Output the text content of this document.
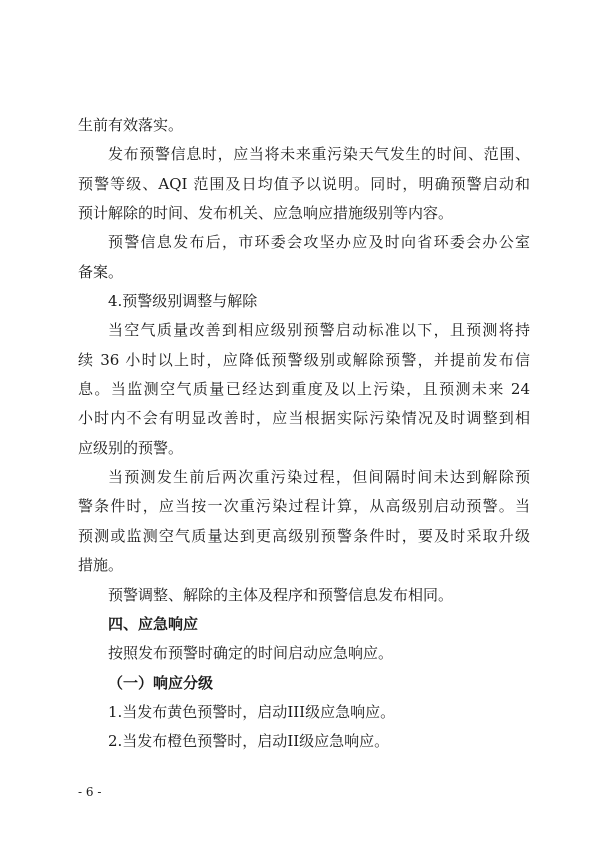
生前有效落实。
发布预警信息时，应当将未来重污染天气发生的时间、范围、
预警等级、AQI 范围及日均值予以说明。同时，明确预警启动和
预计解除的时间、发布机关、应急响应措施级别等内容。
预警信息发布后，市环委会攻坚办应及时向省环委会办公室
备案。
4.预警级别调整与解除
当空气质量改善到相应级别预警启动标准以下，且预测将持
续 36 小时以上时，应降低预警级别或解除预警，并提前发布信
息。当监测空气质量已经达到重度及以上污染，且预测未来 24
小时内不会有明显改善时，应当根据实际污染情况及时调整到相
应级别的预警。
当预测发生前后两次重污染过程，但间隔时间未达到解除预
警条件时，应当按一次重污染过程计算，从高级别启动预警。当
预测或监测空气质量达到更高级别预警条件时，要及时采取升级
措施。
预警调整、解除的主体及程序和预警信息发布相同。
四、应急响应
按照发布预警时确定的时间启动应急响应。
（一）响应分级
1.当发布黄色预警时，启动III级应急响应。
2.当发布橙色预警时，启动II级应急响应。
- 6 -
